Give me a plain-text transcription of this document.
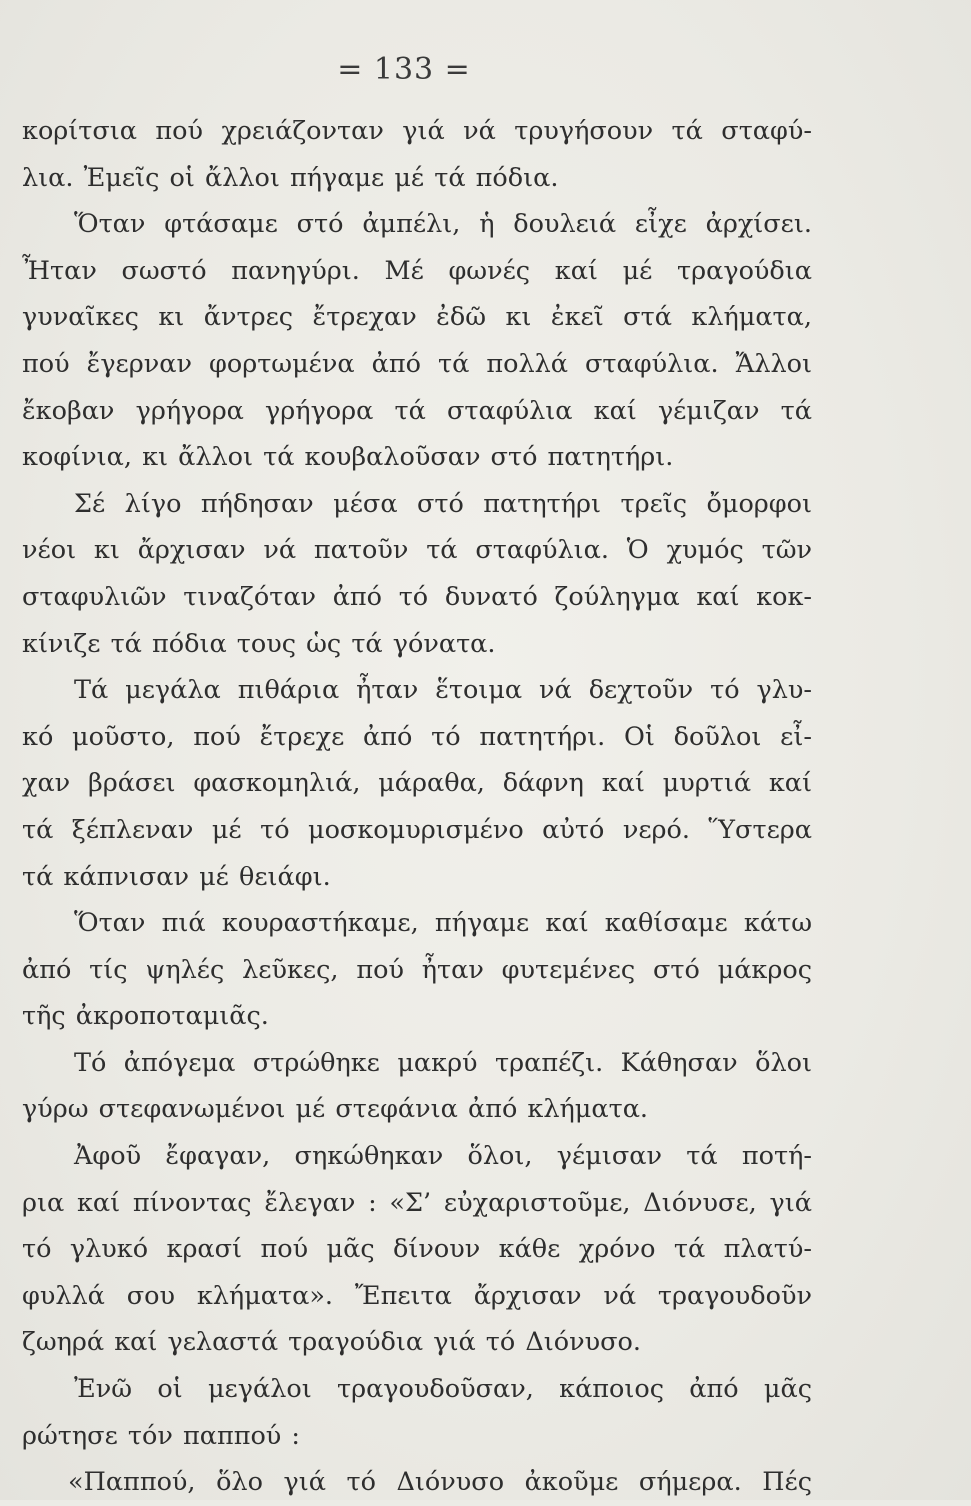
= 133 =
κορίτσια πού χρειάζονταν γιά νά τρυγήσουν τά σταφύ-
λια. Ἐμεῖς οἱ ἄλλοι πήγαμε μέ τά πόδια.
Ὅταν φτάσαμε στό ἀμπέλι, ἡ δουλειά εἶχε ἀρχίσει.
Ἦταν σωστό πανηγύρι. Μέ φωνές καί μέ τραγούδια
γυναῖκες κι ἄντρες ἔτρεχαν ἐδῶ κι ἐκεῖ στά κλήματα,
πού ἔγερναν φορτωμένα ἀπό τά πολλά σταφύλια. Ἄλλοι
ἔκοβαν γρήγορα γρήγορα τά σταφύλια καί γέμιζαν τά
κοφίνια, κι ἄλλοι τά κουβαλοῦσαν στό πατητήρι.
Σέ λίγο πήδησαν μέσα στό πατητήρι τρεῖς ὄμορφοι
νέοι κι ἄρχισαν νά πατοῦν τά σταφύλια. Ὁ χυμός τῶν
σταφυλιῶν τιναζόταν ἀπό τό δυνατό ζούληγμα καί κοκ-
κίνιζε τά πόδια τους ὡς τά γόνατα.
Τά μεγάλα πιθάρια ἦταν ἕτοιμα νά δεχτοῦν τό γλυ-
κό μοῦστο, πού ἔτρεχε ἀπό τό πατητήρι. Οἱ δοῦλοι εἶ-
χαν βράσει φασκομηλιά, μάραθα, δάφνη καί μυρτιά καί
τά ξέπλεναν μέ τό μοσκομυρισμένο αὐτό νερό. Ὕστερα
τά κάπνισαν μέ θειάφι.
Ὅταν πιά κουραστήκαμε, πήγαμε καί καθίσαμε κάτω
ἀπό τίς ψηλές λεῦκες, πού ἦταν φυτεμένες στό μάκρος
τῆς ἀκροποταμιᾶς.
Τό ἀπόγεμα στρώθηκε μακρύ τραπέζι. Κάθησαν ὅλοι
γύρω στεφανωμένοι μέ στεφάνια ἀπό κλήματα.
Ἀφοῦ ἔφαγαν, σηκώθηκαν ὅλοι, γέμισαν τά ποτή-
ρια καί πίνοντας ἔλεγαν : «Σ’ εὐχαριστοῦμε, Διόνυσε, γιά
τό γλυκό κρασί πού μᾶς δίνουν κάθε χρόνο τά πλατύ-
φυλλά σου κλήματα». Ἔπειτα ἄρχισαν νά τραγουδοῦν
ζωηρά καί γελαστά τραγούδια γιά τό Διόνυσο.
Ἐνῶ οἱ μεγάλοι τραγουδοῦσαν, κάποιος ἀπό μᾶς
ρώτησε τόν παππού :
«Παππού, ὅλο γιά τό Διόνυσο ἀκοῦμε σήμερα. Πές
